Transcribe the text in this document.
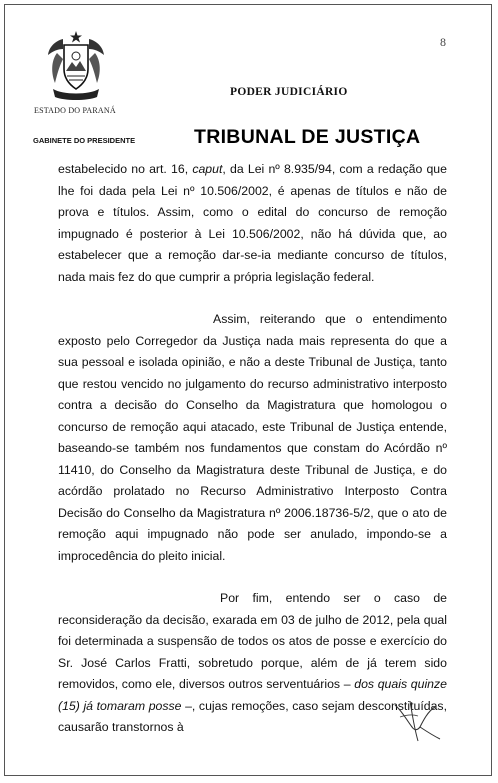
8
ESTADO DO PARANÁ
PODER JUDICIÁRIO
GABINETE DO PRESIDENTE	TRIBUNAL DE JUSTIÇA

estabelecido no art. 16, caput, da Lei nº 8.935/94, com a redação que lhe foi dada pela Lei nº 10.506/2002, é apenas de títulos e não de prova e títulos. Assim, como o edital do concurso de remoção impugnado é posterior à Lei 10.506/2002, não há dúvida que, ao estabelecer que a remoção dar-se-ia mediante concurso de títulos, nada mais fez do que cumprir a própria legislação federal.

Assim, reiterando que o entendimento exposto pelo Corregedor da Justiça nada mais representa do que a sua pessoal e isolada opinião, e não a deste Tribunal de Justiça, tanto que restou vencido no julgamento do recurso administrativo interposto contra a decisão do Conselho da Magistratura que homologou o concurso de remoção aqui atacado, este Tribunal de Justiça entende, baseando-se também nos fundamentos que constam do Acórdão nº 11410, do Conselho da Magistratura deste Tribunal de Justiça, e do acórdão prolatado no Recurso Administrativo Interposto Contra Decisão do Conselho da Magistratura nº 2006.18736-5/2, que o ato de remoção aqui impugnado não pode ser anulado, impondo-se a improcedência do pleito inicial.

Por fim, entendo ser o caso de reconsideração da decisão, exarada em 03 de julho de 2012, pela qual foi determinada a suspensão de todos os atos de posse e exercício do Sr. José Carlos Fratti, sobretudo porque, além de já terem sido removidos, como ele, diversos outros serventuários – dos quais quinze (15) já tomaram posse –, cujas remoções, caso sejam desconstituídas, causarão transtornos à
